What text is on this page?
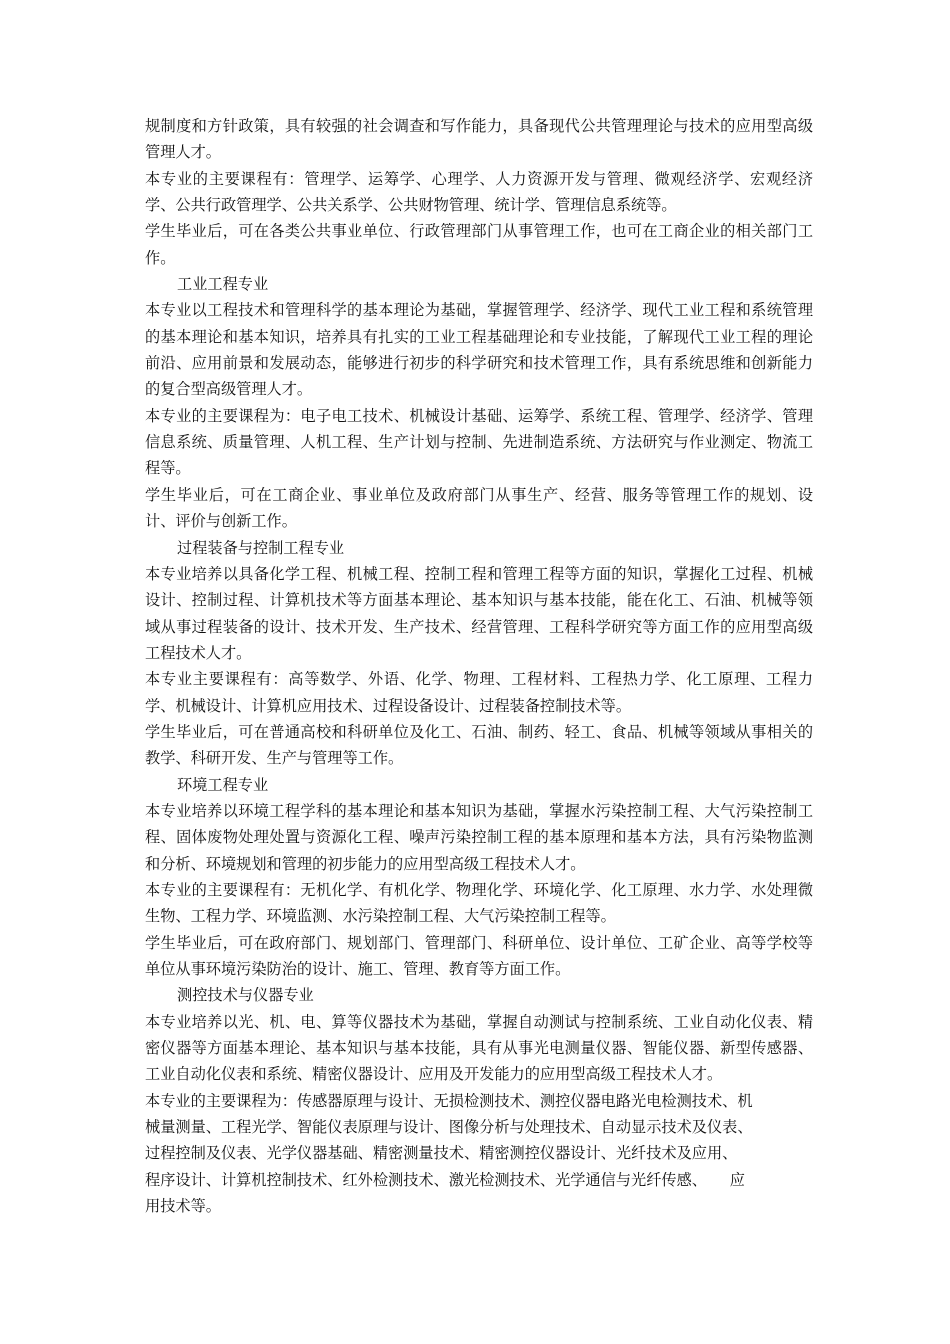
规制度和方针政策，具有较强的社会调查和写作能力，具备现代公共管理理论与技术的应用型高级管理人才。

本专业的主要课程有：管理学、运筹学、心理学、人力资源开发与管理、微观经济学、宏观经济学、公共行政管理学、公共关系学、公共财物管理、统计学、管理信息系统等。

学生毕业后，可在各类公共事业单位、行政管理部门从事管理工作，也可在工商企业的相关部门工作。

工业工程专业

本专业以工程技术和管理科学的基本理论为基础，掌握管理学、经济学、现代工业工程和系统管理的基本理论和基本知识，培养具有扎实的工业工程基础理论和专业技能，了解现代工业工程的理论前沿、应用前景和发展动态，能够进行初步的科学研究和技术管理工作，具有系统思维和创新能力的复合型高级管理人才。

本专业的主要课程为：电子电工技术、机械设计基础、运筹学、系统工程、管理学、经济学、管理信息系统、质量管理、人机工程、生产计划与控制、先进制造系统、方法研究与作业测定、物流工程等。

学生毕业后，可在工商企业、事业单位及政府部门从事生产、经营、服务等管理工作的规划、设计、评价与创新工作。

过程装备与控制工程专业

本专业培养以具备化学工程、机械工程、控制工程和管理工程等方面的知识，掌握化工过程、机械设计、控制过程、计算机技术等方面基本理论、基本知识与基本技能，能在化工、石油、机械等领域从事过程装备的设计、技术开发、生产技术、经营管理、工程科学研究等方面工作的应用型高级工程技术人才。

本专业主要课程有：高等数学、外语、化学、物理、工程材料、工程热力学、化工原理、工程力学、机械设计、计算机应用技术、过程设备设计、过程装备控制技术等。

学生毕业后，可在普通高校和科研单位及化工、石油、制药、轻工、食品、机械等领域从事相关的教学、科研开发、生产与管理等工作。

环境工程专业

本专业培养以环境工程学科的基本理论和基本知识为基础，掌握水污染控制工程、大气污染控制工程、固体废物处理处置与资源化工程、噪声污染控制工程的基本原理和基本方法，具有污染物监测和分析、环境规划和管理的初步能力的应用型高级工程技术人才。

本专业的主要课程有：无机化学、有机化学、物理化学、环境化学、化工原理、水力学、水处理微生物、工程力学、环境监测、水污染控制工程、大气污染控制工程等。

学生毕业后，可在政府部门、规划部门、管理部门、科研单位、设计单位、工矿企业、高等学校等单位从事环境污染防治的设计、施工、管理、教育等方面工作。

测控技术与仪器专业

本专业培养以光、机、电、算等仪器技术为基础，掌握自动测试与控制系统、工业自动化仪表、精密仪器等方面基本理论、基本知识与基本技能，具有从事光电测量仪器、智能仪器、新型传感器、工业自动化仪表和系统、精密仪器设计、应用及开发能力的应用型高级工程技术人才。

本专业的主要课程为：传感器原理与设计、无损检测技术、测控仪器电路光电检测技术、机
械量测量、工程光学、智能仪表原理与设计、图像分析与处理技术、自动显示技术及仪表、
过程控制及仪表、光学仪器基础、精密测量技术、精密测控仪器设计、光纤技术及应用、
程序设计、计算机控制技术、红外检测技术、激光检测技术、光学通信与光纤传感、　　应
用技术等。
